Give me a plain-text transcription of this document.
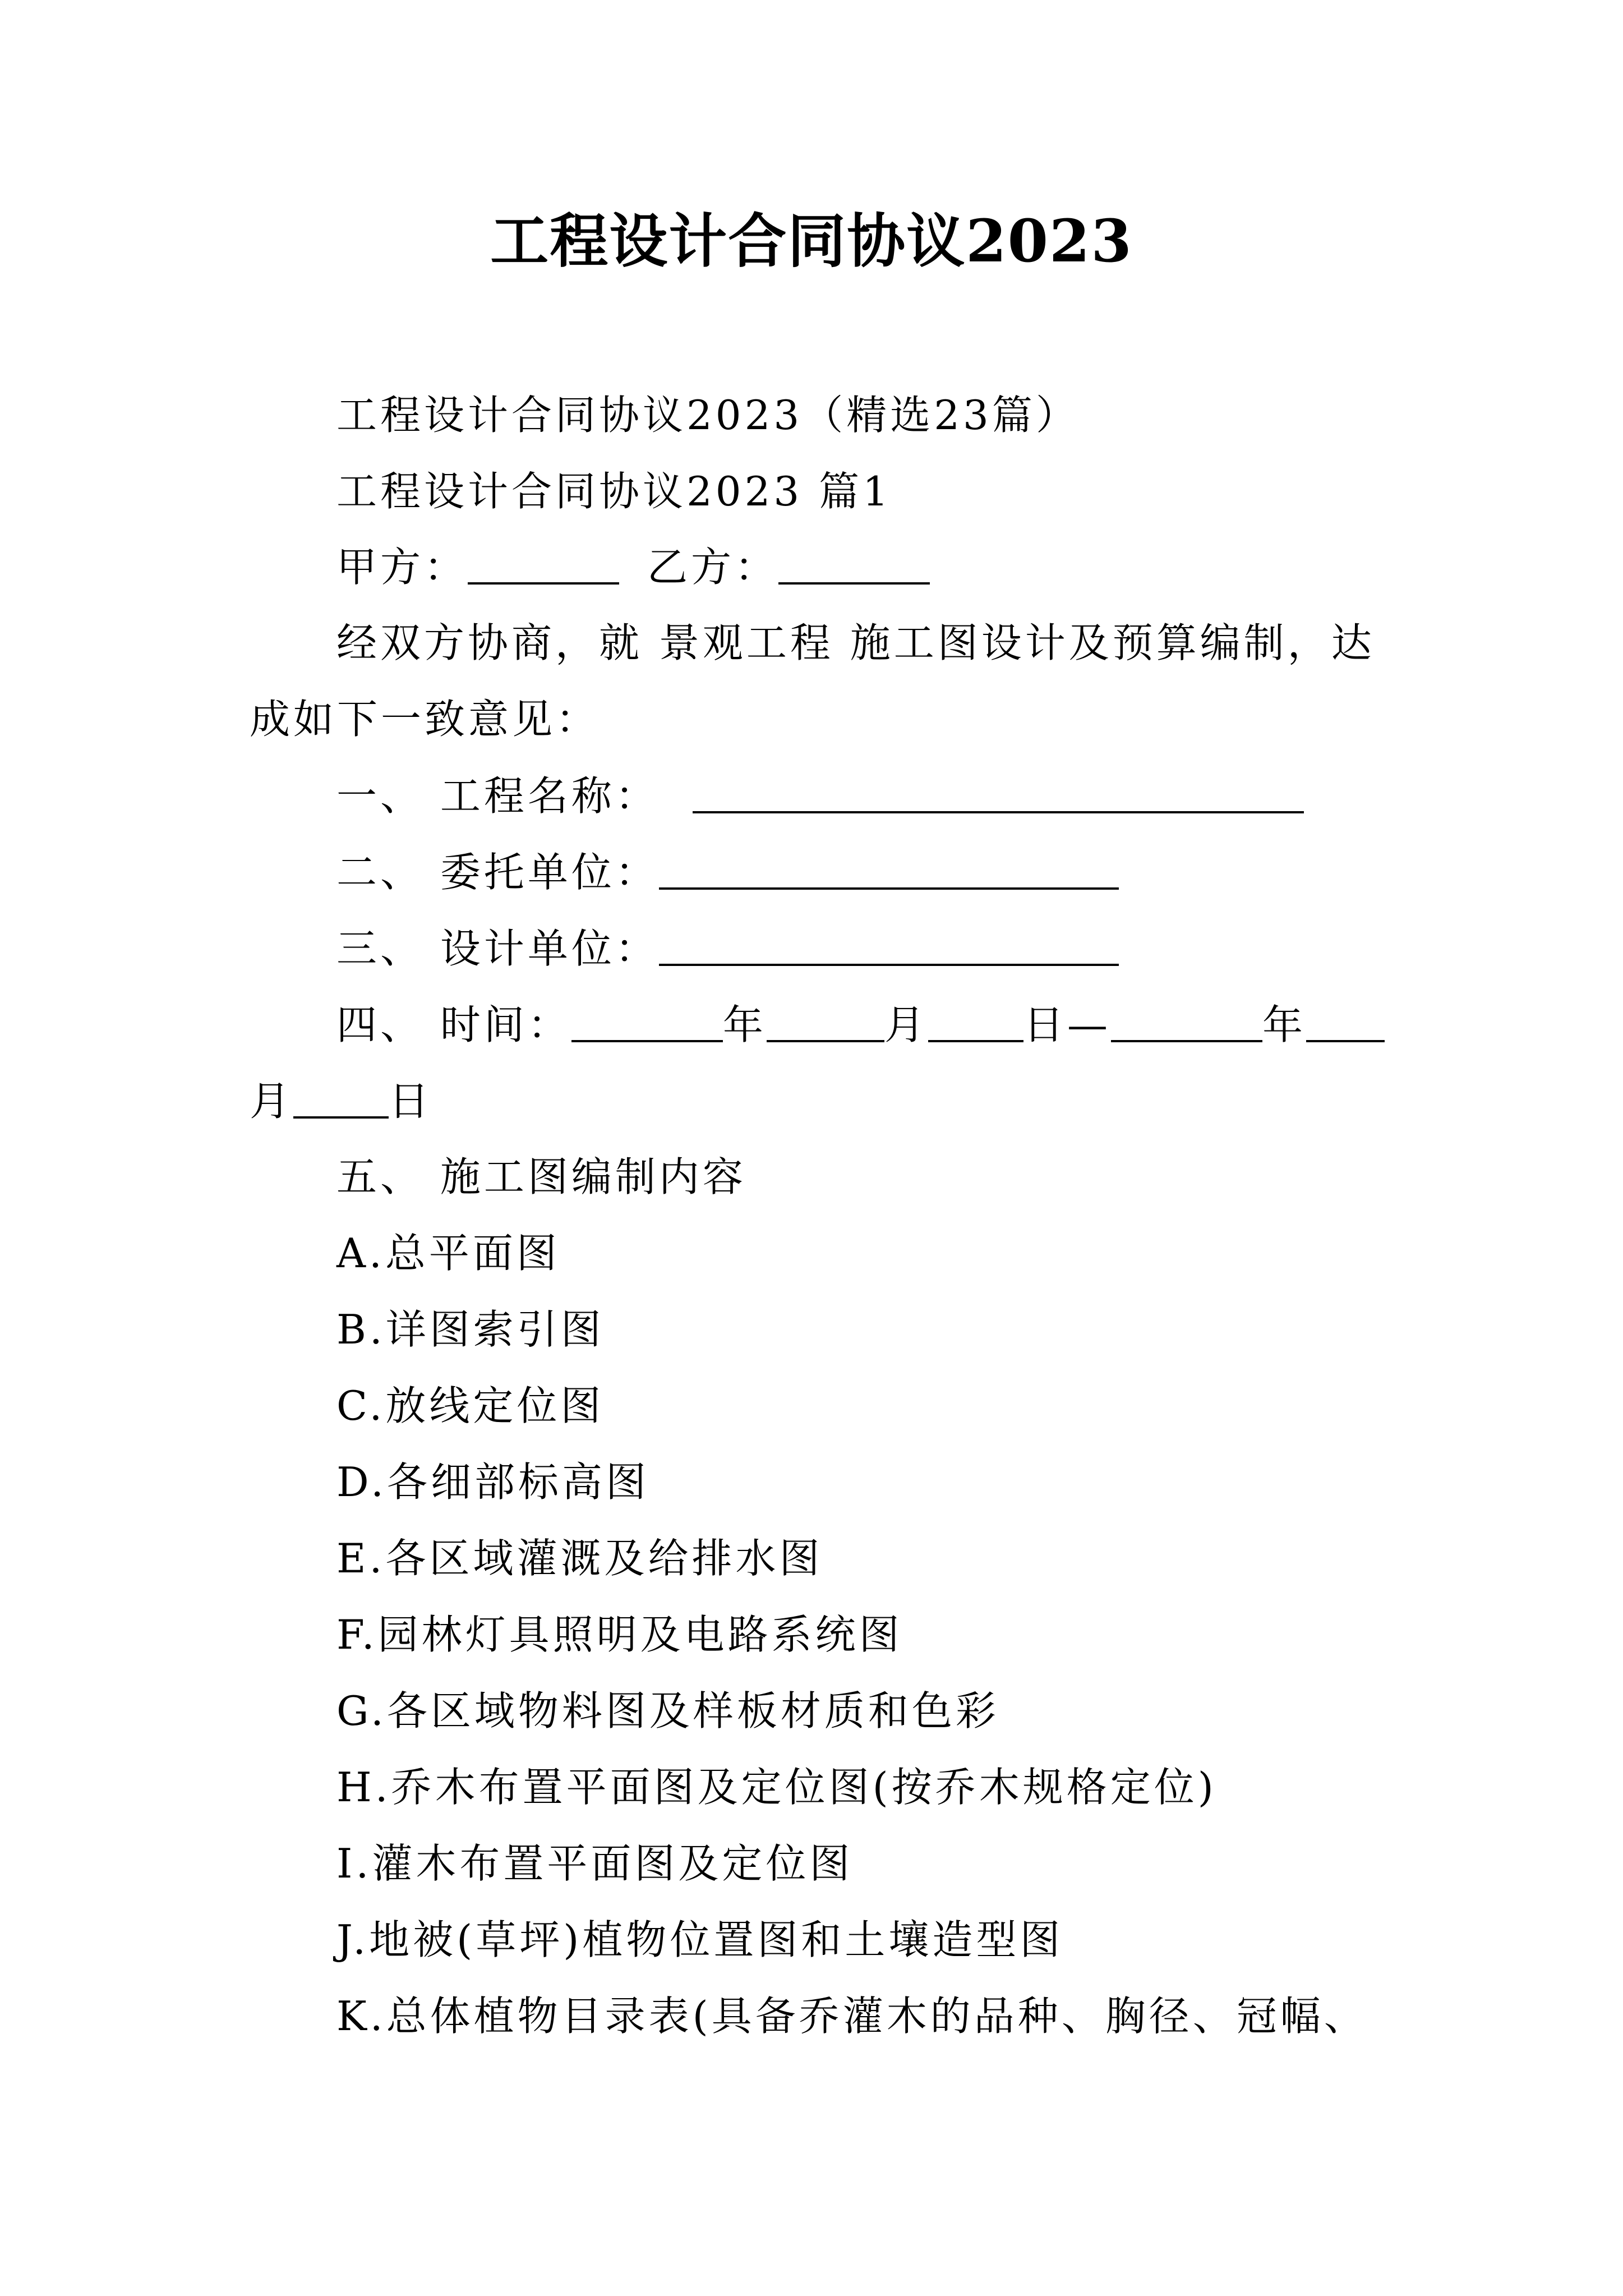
工程设计合同协议2023
工程设计合同协议2023（精选23篇）
工程设计合同协议2023 篇1
甲方：	乙方：
经双方协商，就 景观工程 施工图设计及预算编制，达
成如下一致意见：
一、 工程名称：
二、 委托单位：
三、 设计单位：
四、 时间：	年	月 日—	年
月 日
五、 施工图编制内容
A.总平面图
B.详图索引图
C.放线定位图
D.各细部标高图
E.各区域灌溉及给排水图
F.园林灯具照明及电路系统图
G.各区域物料图及样板材质和色彩
H.乔木布置平面图及定位图(按乔木规格定位)
I.灌木布置平面图及定位图
J.地被(草坪)植物位置图和土壤造型图
K.总体植物目录表(具备乔灌木的品种、胸径、冠幅、
